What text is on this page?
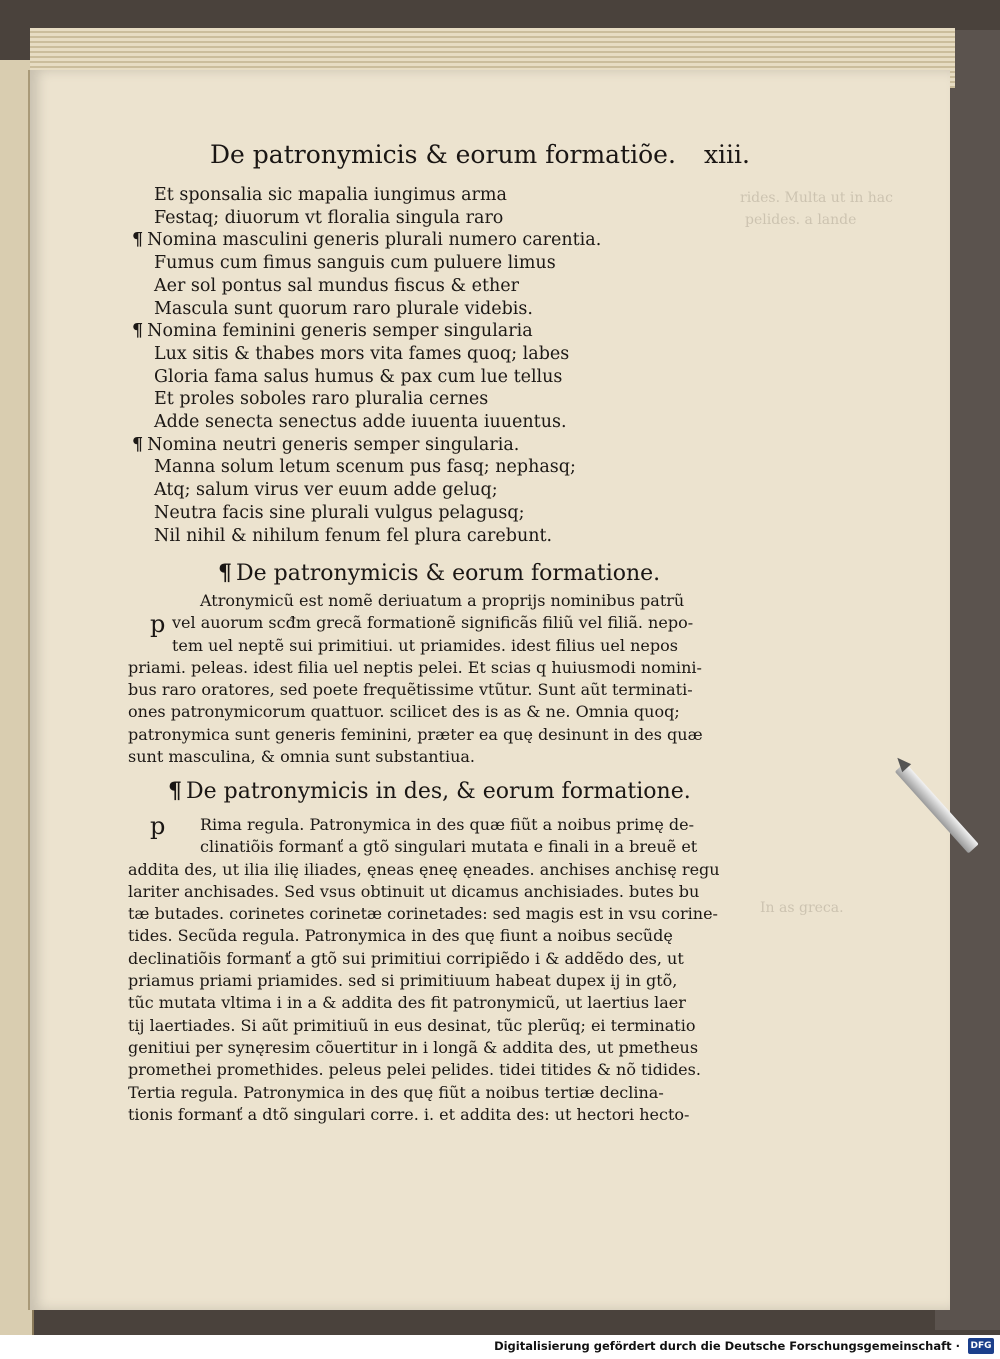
rides. Multa ut in hac
pelides. a lande
In as greca.
De patronymicis & eorum formatiõe. xiii.
Et sponsalia sic mapalia iungimus arma
Festaq; diuorum vt floralia singula raro
¶ Nomina masculini generis plurali numero carentia.
Fumus cum fimus sanguis cum puluere limus
Aer sol pontus sal mundus fiscus & ether
Mascula sunt quorum raro plurale videbis.
¶ Nomina feminini generis semper singularia
Lux sitis & thabes mors vita fames quoq; labes
Gloria fama salus humus & pax cum lue tellus
Et proles soboles raro pluralia cernes
Adde senecta senectus adde iuuenta iuuentus.
¶ Nomina neutri generis semper singularia.
Manna solum letum scenum pus fasq; nephasq;
Atq; salum virus ver euum adde geluq;
Neutra facis sine plurali vulgus pelagusq;
Nil nihil & nihilum fenum fel plura carebunt.
¶ De patronymicis & eorum formatione.
p
Atronymicũ est nomẽ deriuatum a proprijs nominibus patrũ
vel auorum scđm grecã formationẽ significãs filiũ vel filiã. nepo-
tem uel neptẽ sui primitiui. ut priamides. idest filius uel nepos
priami. peleas. idest filia uel neptis pelei. Et scias q huiusmodi nomini-
bus raro oratores, sed poete frequẽtissime vtũtur. Sunt aũt terminati-
ones patronymicorum quattuor. scilicet des is as & ne. Omnia quoq;
patronymica sunt generis feminini, præter ea quę desinunt in des quæ
sunt masculina, & omnia sunt substantiua.
¶ De patronymicis in des, & eorum formatione.
p	Rima regula. Patronymica in des quæ fiũt a noibus primę de-
clinatiõis formanť a gtõ singulari mutata e finali in a breuẽ et
addita des, ut ilia ilię iliades, ęneas ęneę ęneades. anchises anchisę regu
lariter anchisades. Sed vsus obtinuit ut dicamus anchisiades. butes bu
tæ butades. corinetes corinetæ corinetades: sed magis est in vsu corine-
tides. Secũda regula. Patronymica in des quę fiunt a noibus secũdę
declinatiõis formanť a gtõ sui primitiui corripiẽdo i & addẽdo des, ut
priamus priami priamides. sed si primitiuum habeat dupex ij in gtõ,
tũc mutata vltima i in a & addita des fit patronymicũ, ut laertius laer
tij laertiades. Si aũt primitiuũ in eus desinat, tũc plerũq; ei terminatio
genitiui per synęresim cõuertitur in i longã & addita des, ut pmetheus
promethei promethides. peleus pelei pelides. tidei titides & nõ tidides.
Tertia regula. Patronymica in des quę fiũt a noibus tertiæ declina-
tionis formanť a dtõ singulari corre. i. et addita des: ut hectori hecto-
Digitalisierung gefördert durch die Deutsche Forschungsgemeinschaft · DFG
